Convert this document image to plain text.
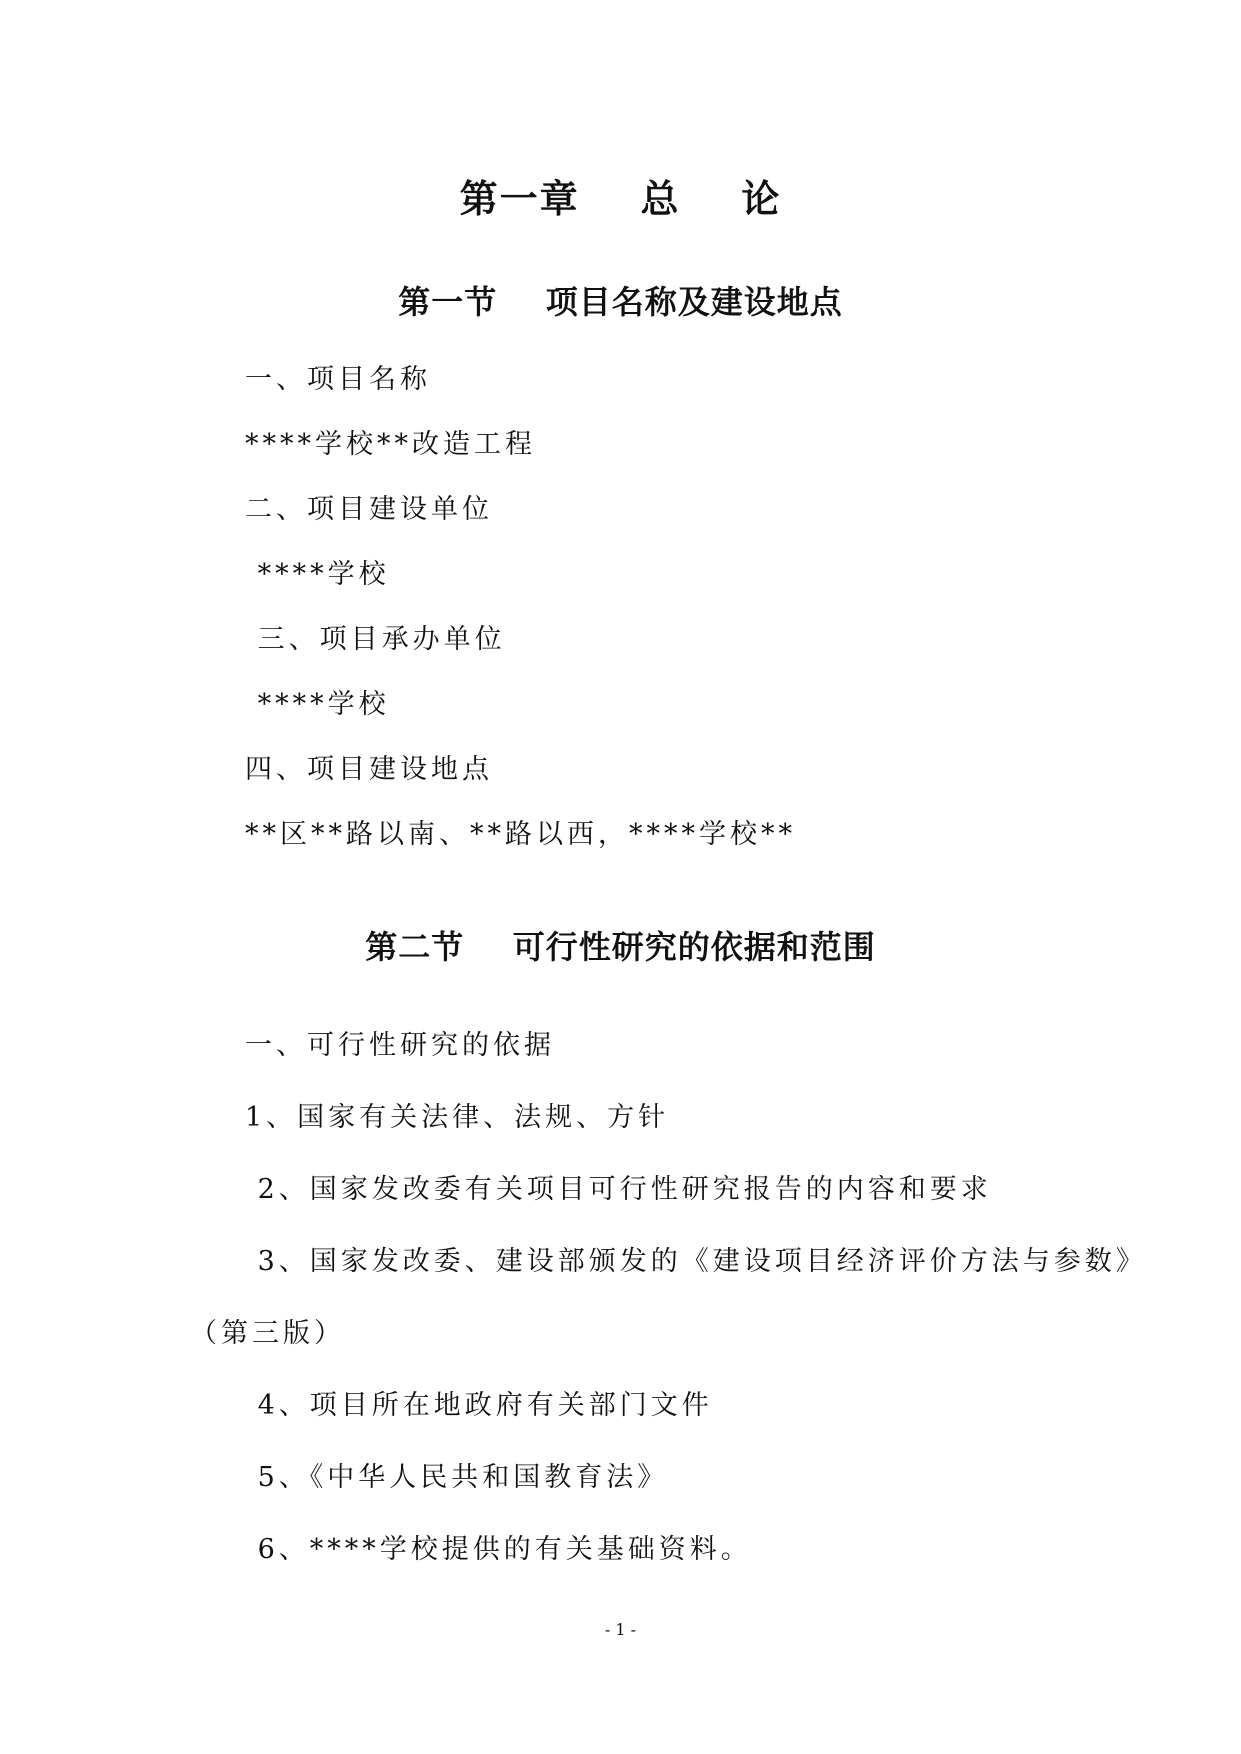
第一章    总    论
第一节    项目名称及建设地点
一、项目名称
****学校**改造工程
二、项目建设单位
****学校
三、项目承办单位
****学校
四、项目建设地点
**区**路以南、**路以西，****学校**
第二节    可行性研究的依据和范围
一、可行性研究的依据
1、国家有关法律、法规、方针
2、国家发改委有关项目可行性研究报告的内容和要求
3、国家发改委、建设部颁发的《建设项目经济评价方法与参数》
（第三版）
4、项目所在地政府有关部门文件
5、《中华人民共和国教育法》
6、****学校提供的有关基础资料。
- 1 -
